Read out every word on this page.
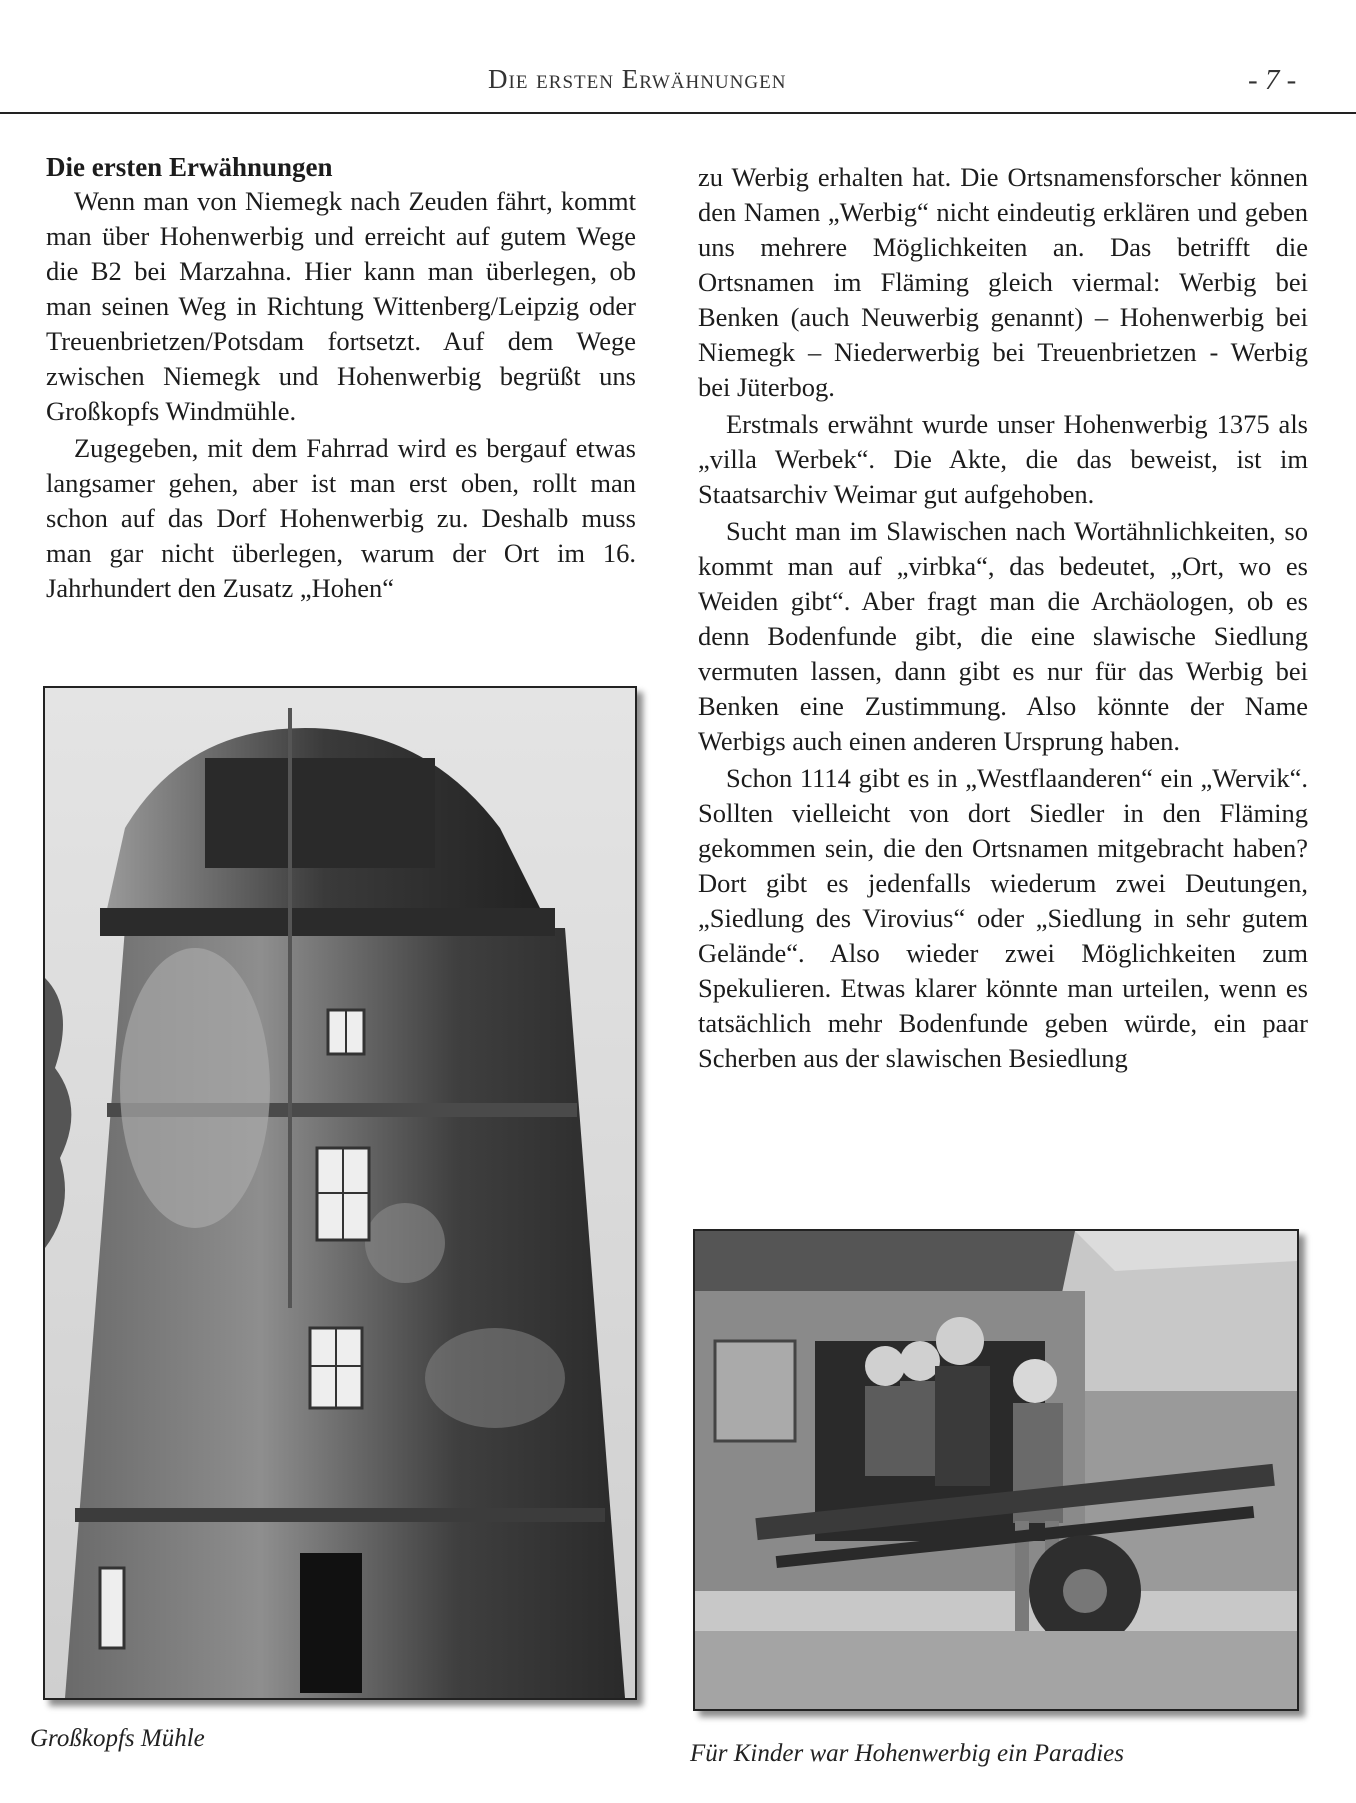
Die ersten Erwähnungen	- 7 -
Die ersten Erwähnungen

Wenn man von Niemegk nach Zeuden fährt, kommt man über Hohenwerbig und erreicht auf gutem Wege die B2 bei Marzahna. Hier kann man überlegen, ob man seinen Weg in Richtung Wittenberg/Leipzig oder Treuenbrietzen/Potsdam fortsetzt. Auf dem Wege zwischen Niemegk und Hohenwerbig begrüßt uns Großkopfs Windmühle.

Zugegeben, mit dem Fahrrad wird es bergauf etwas langsamer gehen, aber ist man erst oben, rollt man schon auf das Dorf Hohenwerbig zu. Deshalb muss man gar nicht überlegen, warum der Ort im 16. Jahrhundert den Zusatz „Hohen“

zu Werbig erhalten hat. Die Ortsnamensforscher können den Namen „Werbig“ nicht eindeutig erklären und geben uns mehrere Möglichkeiten an. Das betrifft die Ortsnamen im Fläming gleich viermal: Werbig bei Benken (auch Neuwerbig genannt) – Hohenwerbig bei Niemegk – Niederwerbig bei Treuenbrietzen - Werbig bei Jüterbog.

Erstmals erwähnt wurde unser Hohenwerbig 1375 als „villa Werbek“. Die Akte, die das beweist, ist im Staatsarchiv Weimar gut aufgehoben.

Sucht man im Slawischen nach Wortähnlichkeiten, so kommt man auf „virbka“, das bedeutet, „Ort, wo es Weiden gibt“. Aber fragt man die Archäologen, ob es denn Bodenfunde gibt, die eine slawische Siedlung vermuten lassen, dann gibt es nur für das Werbig bei Benken eine Zustimmung. Also könnte der Name Werbigs auch einen anderen Ursprung haben.

Schon 1114 gibt es in „Westflaanderen“ ein „Wervik“. Sollten vielleicht von dort Siedler in den Fläming gekommen sein, die den Ortsnamen mitgebracht haben? Dort gibt es jedenfalls wiederum zwei Deutungen, „Siedlung des Virovius“ oder „Siedlung in sehr gutem Gelände“. Also wieder zwei Möglichkeiten zum Spekulieren. Etwas klarer könnte man urteilen, wenn es tatsächlich mehr Bodenfunde geben würde, ein paar Scherben aus der slawischen Besiedlung

Großkopfs Mühle
Für Kinder war Hohenwerbig ein Paradies
